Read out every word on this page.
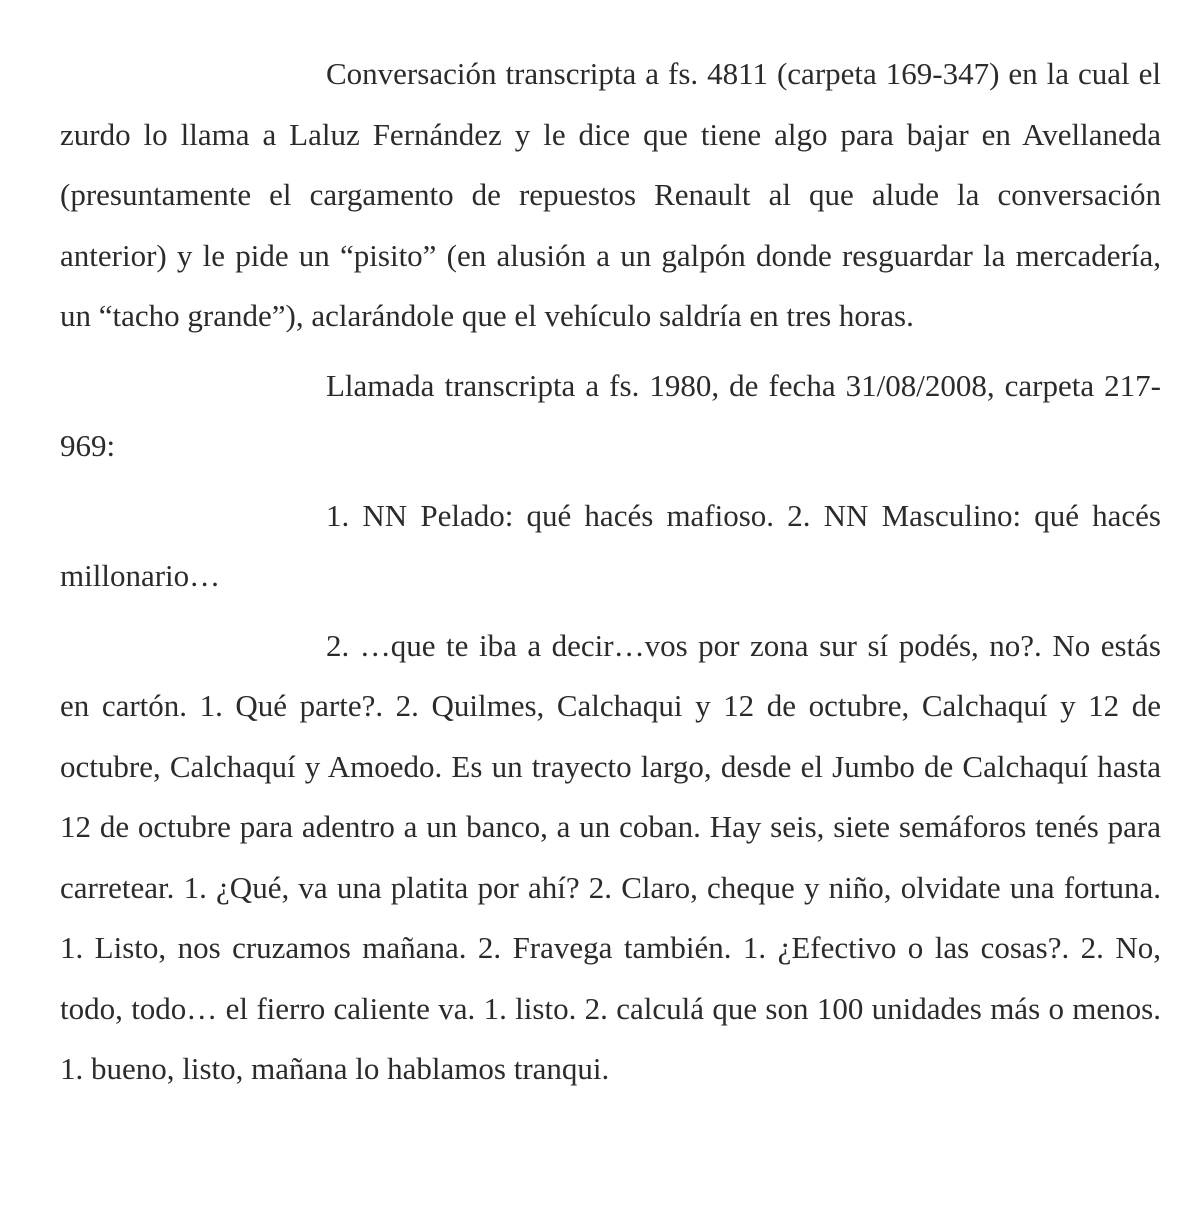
Conversación transcripta a fs. 4811 (carpeta 169-347) en la cual el zurdo lo llama a Laluz Fernández y le dice que tiene algo para bajar en Avellaneda (presuntamente el cargamento de repuestos Renault al que alude la conversación anterior) y le pide un “pisito” (en alusión a un galpón donde resguardar la mercadería, un “tacho grande”), aclarándole que el vehículo saldría en tres horas.

Llamada transcripta a fs. 1980, de fecha 31/08/2008, carpeta 217-969:

1. NN Pelado: qué hacés mafioso. 2. NN Masculino: qué hacés millonario…

2. …que te iba a decir…vos por zona sur sí podés, no?. No estás en cartón. 1. Qué parte?. 2. Quilmes, Calchaqui y 12 de octubre, Calchaquí y 12 de octubre, Calchaquí y Amoedo. Es un trayecto largo, desde el Jumbo de Calchaquí hasta 12 de octubre para adentro a un banco, a un coban. Hay seis, siete semáforos tenés para carretear. 1. ¿Qué, va una platita por ahí? 2. Claro, cheque y niño, olvidate una fortuna. 1. Listo, nos cruzamos mañana. 2. Fravega también. 1. ¿Efectivo o las cosas?. 2. No, todo, todo… el fierro caliente va. 1. listo. 2. calculá que son 100 unidades más o menos. 1. bueno, listo, mañana lo hablamos tranqui.
